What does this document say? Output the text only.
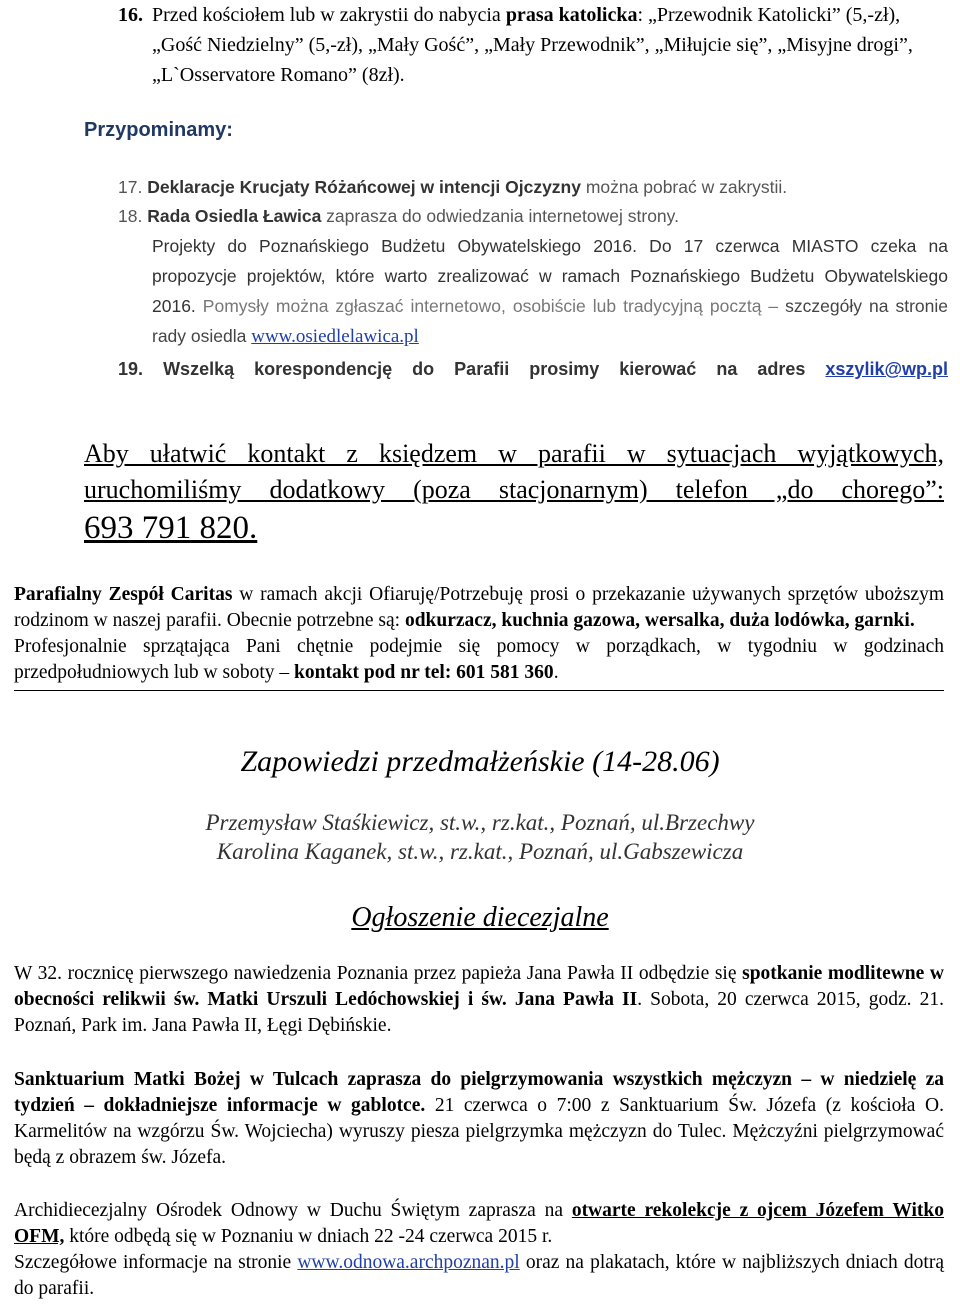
16. Przed kościołem lub w zakrystii do nabycia prasa katolicka: „Przewodnik Katolicki” (5,-zł), „Gość Niedzielny” (5,-zł), „Mały Gość”, „Mały Przewodnik”, „Miłujcie się”, „Misyjne drogi”, „L`Osservatore Romano” (8zł).
Przypominamy:
17. Deklaracje Krucjaty Różańcowej w intencji Ojczyzny można pobrać w zakrystii.
18. Rada Osiedla Ławica zaprasza do odwiedzania internetowej strony.
Projekty do Poznańskiego Budżetu Obywatelskiego 2016. Do 17 czerwca MIASTO czeka na propozycje projektów, które warto zrealizować w ramach Poznańskiego Budżetu Obywatelskiego 2016. Pomysły można zgłaszać internetowo, osobiście lub tradycyjną pocztą – szczegóły na stronie rady osiedla www.osiedlelawica.pl
19. Wszelką korespondencję do Parafii prosimy kierować na adres xszylik@wp.pl
Aby ułatwić kontakt z księdzem w parafii w sytuacjach wyjątkowych, uruchomiliśmy dodatkowy (poza stacjonarnym) telefon „do chorego”:
693 791 820.
Parafialny Zespół Caritas w ramach akcji Ofiaruję/Potrzebuję prosi o przekazanie używanych sprzętów uboższym rodzinom w naszej parafii. Obecnie potrzebne są: odkurzacz, kuchnia gazowa, wersalka, duża lodówka, garnki.
Profesjonalnie sprzątająca Pani chętnie podejmie się pomocy w porządkach, w tygodniu w godzinach przedpołudniowych lub w soboty – kontakt pod nr tel: 601 581 360.
Zapowiedzi przedmałżeńskie (14-28.06)
Przemysław Staśkiewicz, st.w., rz.kat., Poznań, ul.Brzechwy
Karolina Kaganek, st.w., rz.kat., Poznań, ul.Gabszewicza
Ogłoszenie diecezjalne
W 32. rocznicę pierwszego nawiedzenia Poznania przez papieża Jana Pawła II odbędzie się spotkanie modlitewne w obecności relikwii św. Matki Urszuli Ledóchowskiej i św. Jana Pawła II. Sobota, 20 czerwca 2015, godz. 21. Poznań, Park im. Jana Pawła II, Łęgi Dębińskie.
Sanktuarium Matki Bożej w Tulcach zaprasza do pielgrzymowania wszystkich mężczyzn – w niedzielę za tydzień – dokładniejsze informacje w gablotce. 21 czerwca o 7:00 z Sanktuarium Św. Józefa (z kościoła O. Karmelitów na wzgórzu Św. Wojciecha) wyruszy piesza pielgrzymka mężczyzn do Tulec. Mężczyźni pielgrzymować będą z obrazem św. Józefa.
Archidiecezjalny Ośrodek Odnowy w Duchu Świętym zaprasza na otwarte rekolekcje z ojcem Józefem Witko OFM, które odbędą się w Poznaniu w dniach 22 -24 czerwca 2015 r.
Szczegółowe informacje na stronie www.odnowa.archpoznan.pl oraz na plakatach, które w najbliższych dniach dotrą do parafii.
